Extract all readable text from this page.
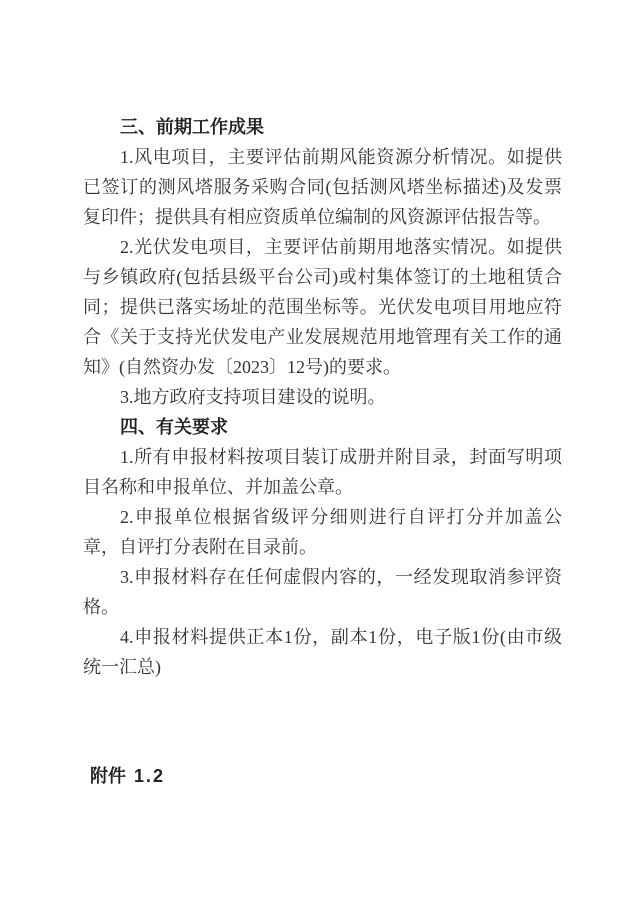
三、前期工作成果

1.风电项目，主要评估前期风能资源分析情况。如提供已签订的测风塔服务采购合同(包括测风塔坐标描述)及发票复印件；提供具有相应资质单位编制的风资源评估报告等。

2.光伏发电项目，主要评估前期用地落实情况。如提供与乡镇政府(包括县级平台公司)或村集体签订的土地租赁合同；提供已落实场址的范围坐标等。光伏发电项目用地应符合《关于支持光伏发电产业发展规范用地管理有关工作的通知》(自然资办发〔2023〕12号)的要求。

3.地方政府支持项目建设的说明。

四、有关要求

1.所有申报材料按项目装订成册并附目录，封面写明项目名称和申报单位、并加盖公章。

2.申报单位根据省级评分细则进行自评打分并加盖公章，自评打分表附在目录前。

3.申报材料存在任何虚假内容的，一经发现取消参评资格。

4.申报材料提供正本1份，副本1份，电子版1份(由市级统一汇总)

附件 1.2
